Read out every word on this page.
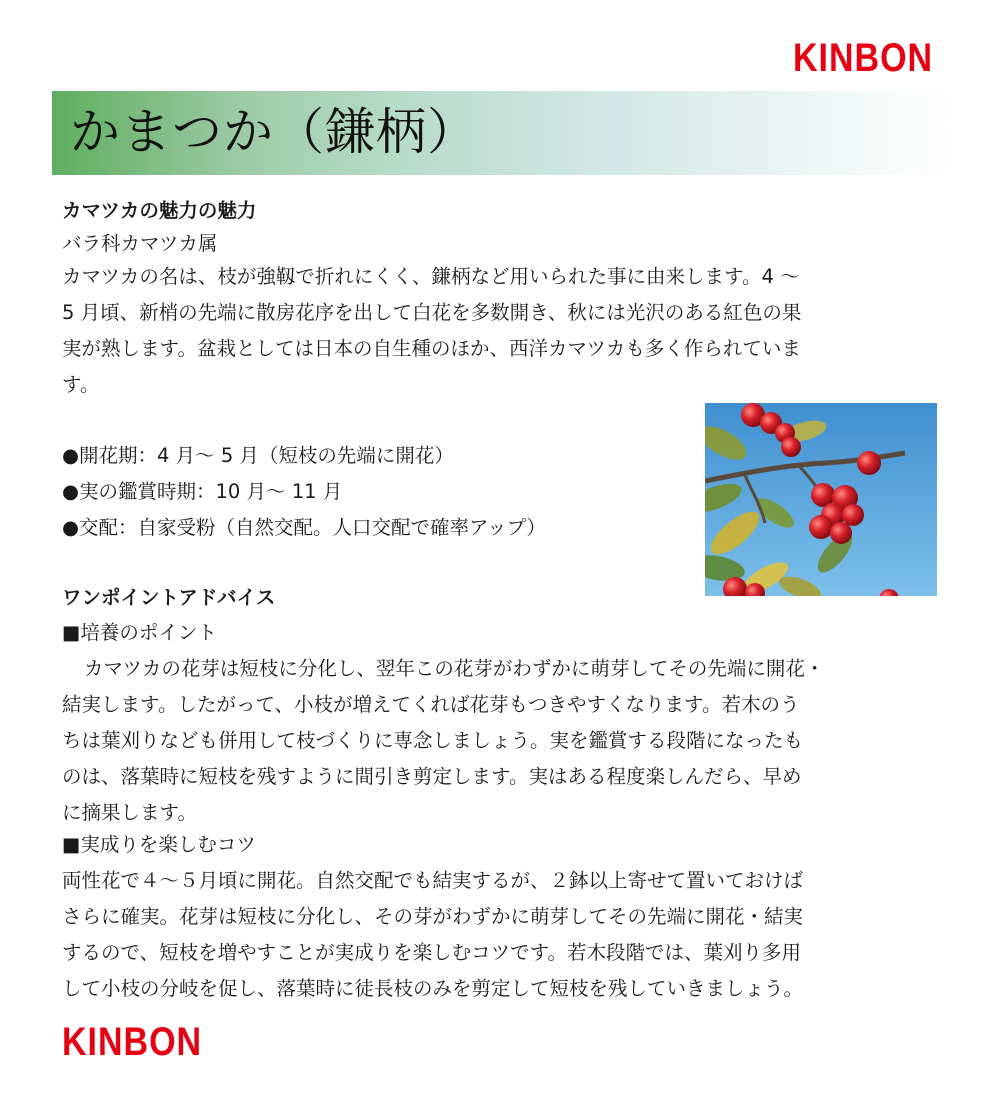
KINBON
かまつか（鎌柄）
カマツカの魅力の魅力
バラ科カマツカ属
カマツカの名は、枝が強靱で折れにくく、鎌柄など用いられた事に由来します。4 〜
5 月頃、新梢の先端に散房花序を出して白花を多数開き、秋には光沢のある紅色の果
実が熟します。盆栽としては日本の自生種のほか、西洋カマツカも多く作られていま
す。
●開花期：4 月〜 5 月（短枝の先端に開花）
●実の鑑賞時期：10 月〜 11 月
●交配：自家受粉（自然交配。人口交配で確率アップ）
ワンポイントアドバイス
■培養のポイント
カマツカの花芽は短枝に分化し、翌年この花芽がわずかに萌芽してその先端に開花・
結実します。したがって、小枝が増えてくれば花芽もつきやすくなります。若木のう
ちは葉刈りなども併用して枝づくりに専念しましょう。実を鑑賞する段階になったも
のは、落葉時に短枝を残すように間引き剪定します。実はある程度楽しんだら、早め
に摘果します。
■実成りを楽しむコツ
両性花で４〜５月頃に開花。自然交配でも結実するが、２鉢以上寄せて置いておけば
さらに確実。花芽は短枝に分化し、その芽がわずかに萌芽してその先端に開花・結実
するので、短枝を増やすことが実成りを楽しむコツです。若木段階では、葉刈り多用
して小枝の分岐を促し、落葉時に徒長枝のみを剪定して短枝を残していきましょう。
KINBON
